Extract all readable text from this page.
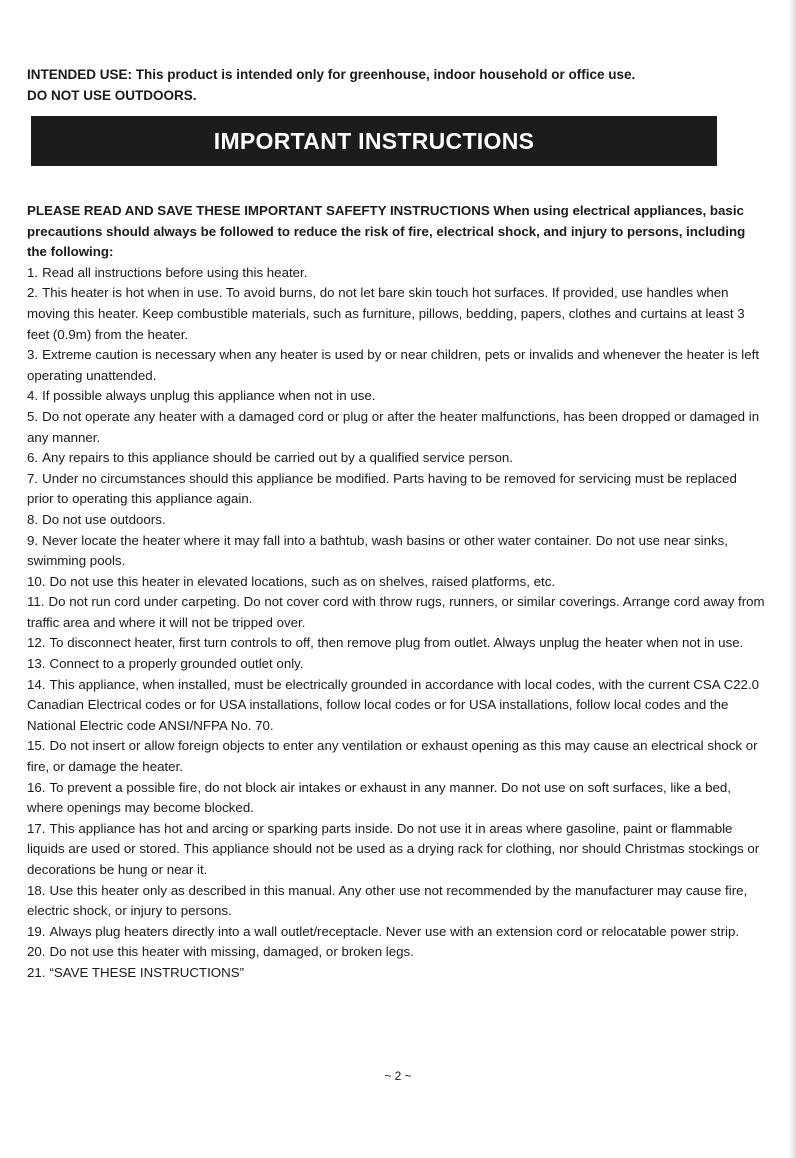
INTENDED USE: This product is intended only for greenhouse, indoor household or office use.
DO NOT USE OUTDOORS.
IMPORTANT INSTRUCTIONS

PLEASE READ AND SAVE THESE IMPORTANT SAFEFTY INSTRUCTIONS When using electrical appliances, basic precautions should always be followed to reduce the risk of fire, electrical shock, and injury to persons, including the following:

1. Read all instructions before using this heater.

2. This heater is hot when in use. To avoid burns, do not let bare skin touch hot surfaces. If provided, use handles when moving this heater. Keep combustible materials, such as furniture, pillows, bedding, papers, clothes and curtains at least 3 feet (0.9m) from the heater.

3. Extreme caution is necessary when any heater is used by or near children, pets or invalids and whenever the heater is left operating unattended.

4. If possible always unplug this appliance when not in use.

5. Do not operate any heater with a damaged cord or plug or after the heater malfunctions, has been dropped or damaged in any manner.

6. Any repairs to this appliance should be carried out by a qualified service person.

7. Under no circumstances should this appliance be modified. Parts having to be removed for servicing must be replaced prior to operating this appliance again.

8. Do not use outdoors.

9. Never locate the heater where it may fall into a bathtub, wash basins or other water container. Do not use near sinks, swimming pools.

10. Do not use this heater in elevated locations, such as on shelves, raised platforms, etc.

11. Do not run cord under carpeting. Do not cover cord with throw rugs, runners, or similar coverings. Arrange cord away from traffic area and where it will not be tripped over.

12. To disconnect heater, first turn controls to off, then remove plug from outlet. Always unplug the heater when not in use.

13. Connect to a properly grounded outlet only.

14. This appliance, when installed, must be electrically grounded in accordance with local codes, with the current CSA C22.0 Canadian Electrical codes or for USA installations, follow local codes or for USA installations, follow local codes and the National Electric code ANSI/NFPA No. 70.

15. Do not insert or allow foreign objects to enter any ventilation or exhaust opening as this may cause an electrical shock or fire, or damage the heater.

16. To prevent a possible fire, do not block air intakes or exhaust in any manner. Do not use on soft surfaces, like a bed, where openings may become blocked.

17. This appliance has hot and arcing or sparking parts inside. Do not use it in areas where gasoline, paint or flammable liquids are used or stored. This appliance should not be used as a drying rack for clothing, nor should Christmas stockings or decorations be hung or near it.

18. Use this heater only as described in this manual. Any other use not recommended by the manufacturer may cause fire, electric shock, or injury to persons.

19. Always plug heaters directly into a wall outlet/receptacle. Never use with an extension cord or relocatable power strip.

20. Do not use this heater with missing, damaged, or broken legs.

21. “SAVE THESE INSTRUCTIONS”

~ 2 ~
